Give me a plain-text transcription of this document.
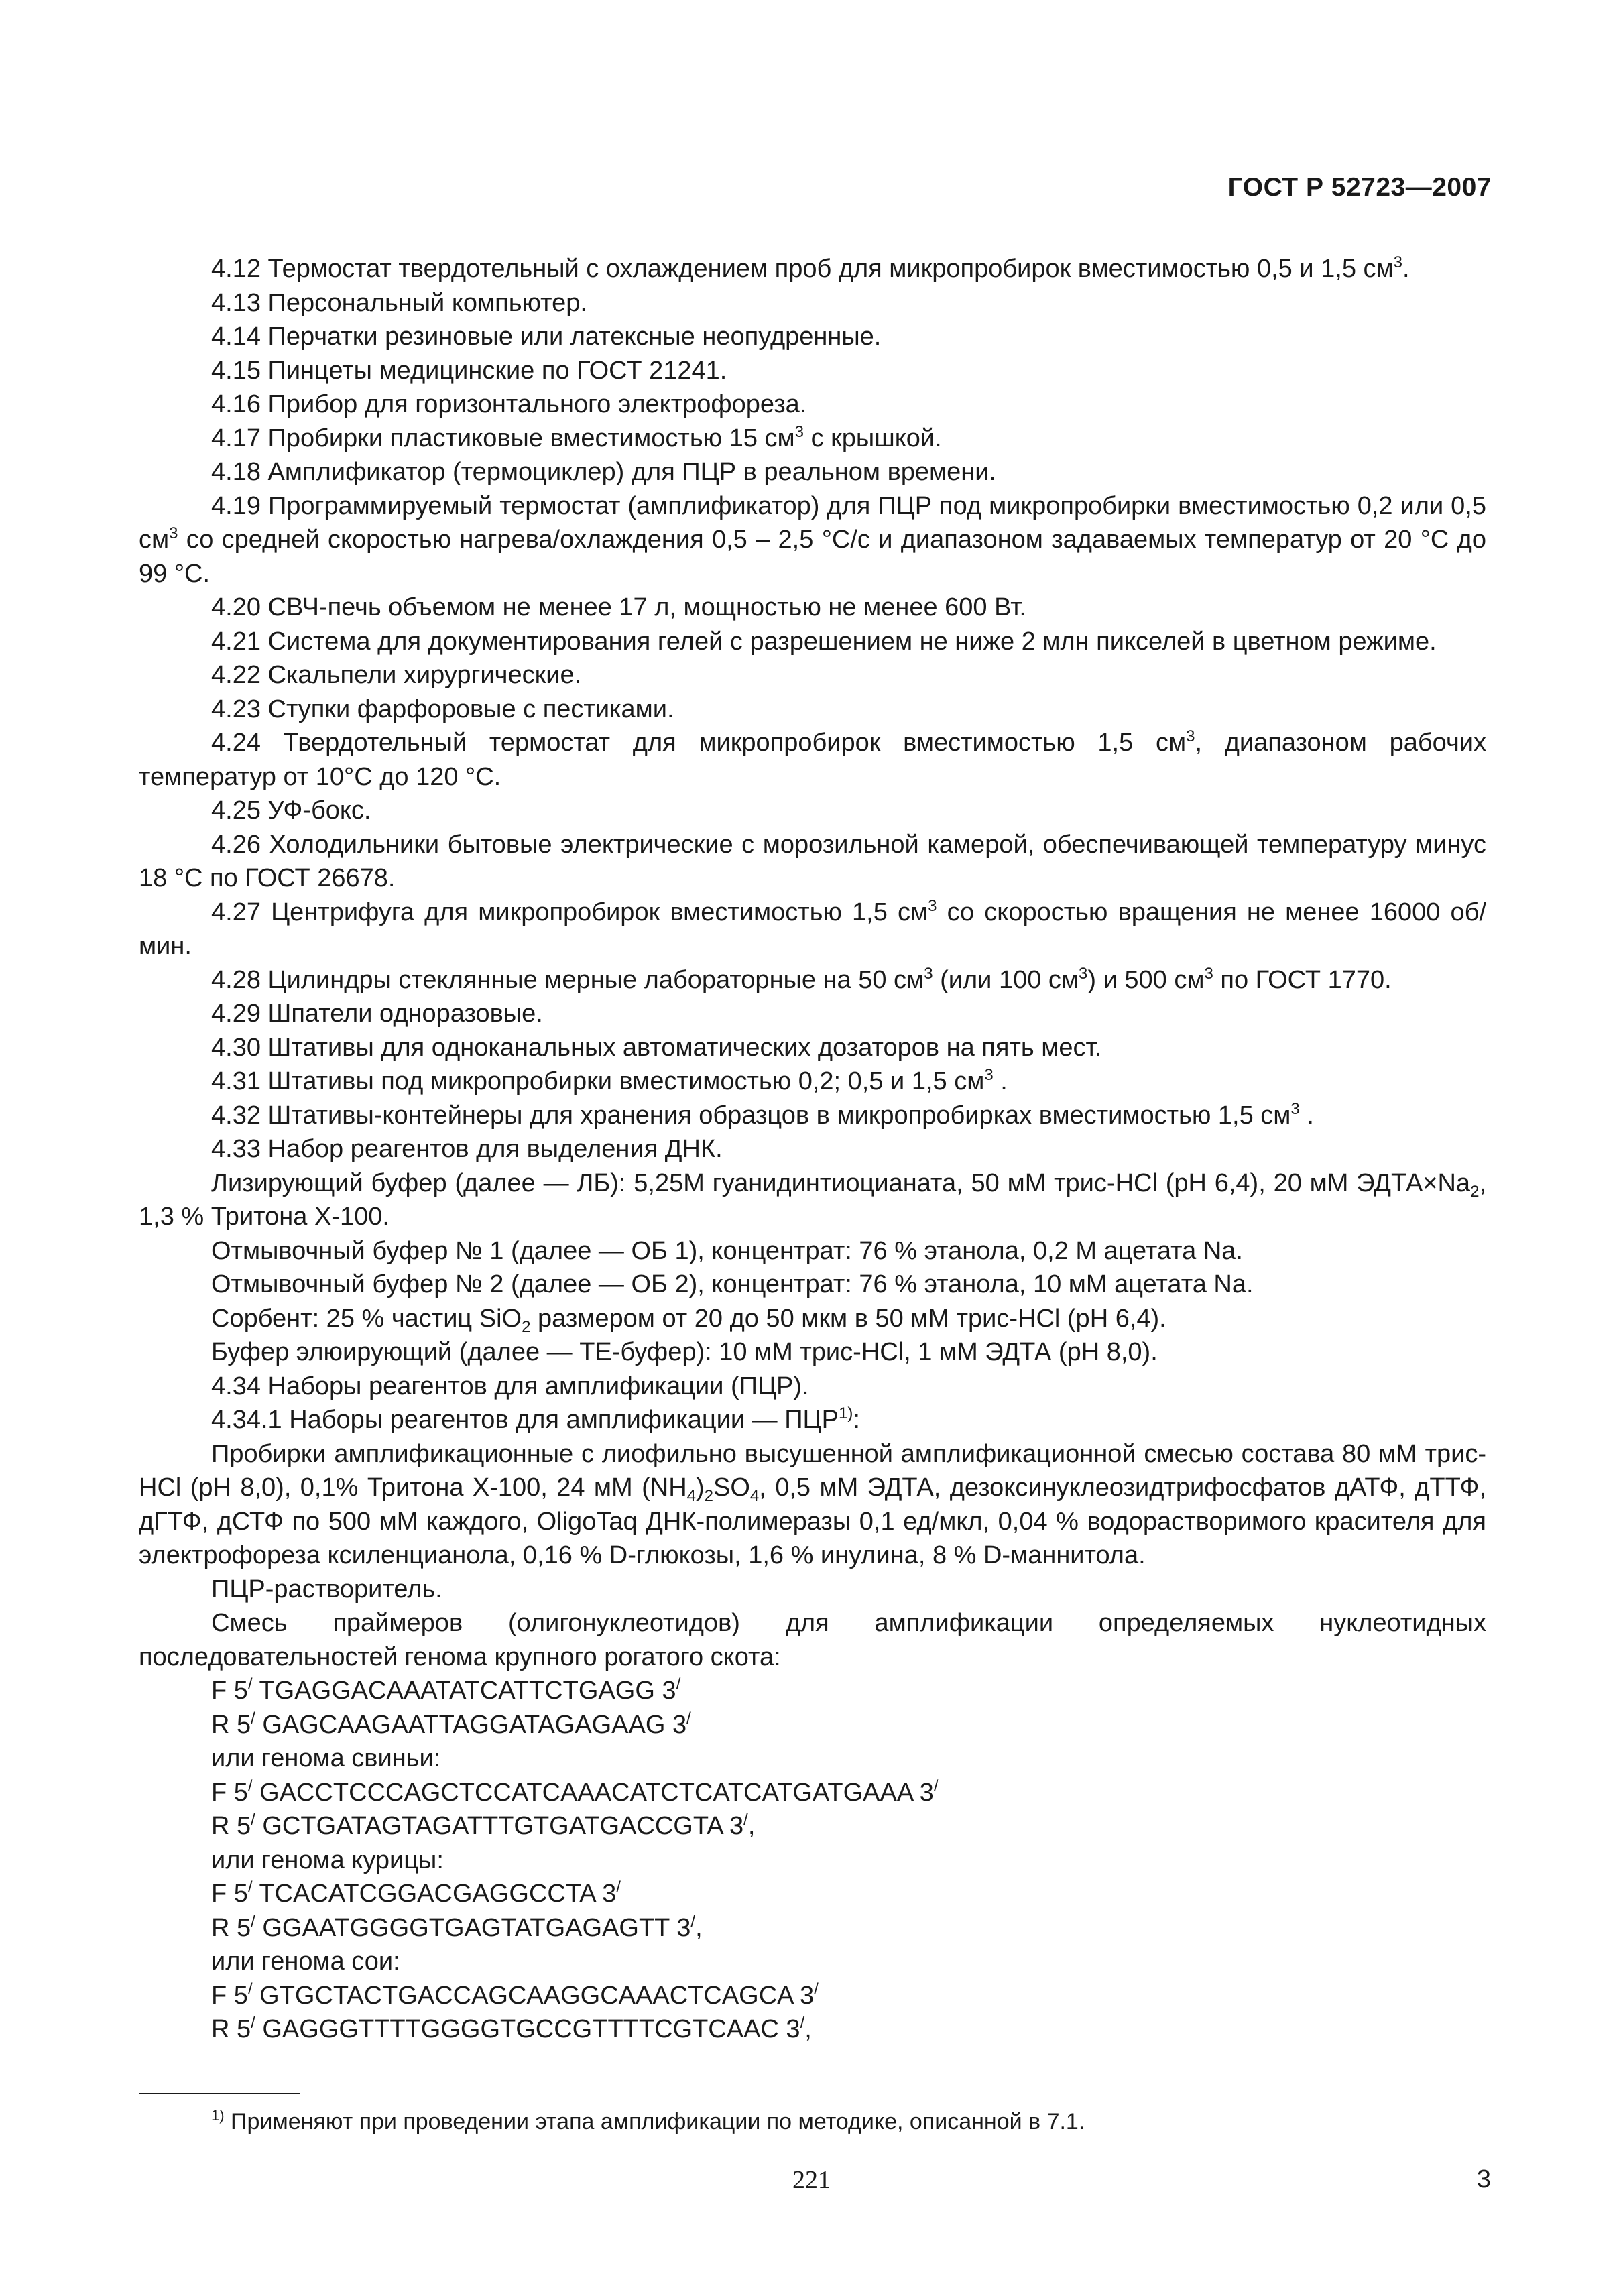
ГОСТ Р 52723—2007

4.12 Термостат твердотельный с охлаждением проб для микропробирок вместимостью 0,5 и 1,5 $см^3$.

4.13 Персональный компьютер.

4.14 Перчатки резиновые или латексные неопудренные.

4.15 Пинцеты медицинские по ГОСТ 21241.

4.16 Прибор для горизонтального электрофореза.

4.17 Пробирки пластиковые вместимостью 15 $см^3$ с крышкой.

4.18 Амплификатор (термоциклер) для ПЦР в реальном времени.

4.19 Программируемый термостат (амплификатор) для ПЦР под микропробирки вместимостью 0,2 или 0,5 $см^3$ со средней скоростью нагрева/охлаждения 0,5 – 2,5 °С/с и диапазоном задаваемых температур от 20 °С до 99 °С.

4.20 СВЧ-печь объемом не менее 17 л, мощностью не менее 600 Вт.

4.21 Система для документирования гелей с разрешением не ниже 2 млн пикселей в цветном режиме.

4.22 Скальпели хирургические.

4.23 Ступки фарфоровые с пестиками.

4.24 Твердотельный термостат для микропробирок вместимостью 1,5 $см^3$, диапазоном рабочих температур от 10°С до 120 °С.

4.25 УФ-бокс.

4.26 Холодильники бытовые электрические с морозильной камерой, обеспечивающей температуру минус 18 °С по ГОСТ 26678.

4.27 Центрифуга для микропробирок вместимостью 1,5 $см^3$ со скоростью вращения не менее 16000 об/мин.

4.28 Цилиндры стеклянные мерные лабораторные на 50 $см^3$ (или 100 $см^3$) и 500 $см^3$ по ГОСТ 1770.

4.29 Шпатели одноразовые.

4.30 Штативы для одноканальных автоматических дозаторов на пять мест.

4.31 Штативы под микропробирки вместимостью 0,2; 0,5 и 1,5 $см^3$ .

4.32 Штативы-контейнеры для хранения образцов в микропробирках вместимостью 1,5 $см^3$ .

4.33 Набор реагентов для выделения ДНК.

Лизирующий буфер (далее — ЛБ): 5,25М гуанидинтиоцианата, 50 мМ трис-HCl (pH 6,4), 20 мМ $ЭДТА\times Na_2$, 1,3 % Тритона Х-100.

Отмывочный буфер № 1 (далее — ОБ 1), концентрат: 76 % этанола, 0,2 М ацетата Na.

Отмывочный буфер № 2 (далее — ОБ 2), концентрат: 76 % этанола, 10 мМ ацетата Na.

Сорбент: 25 % частиц SiO$_2$ размером от 20 до 50 мкм в 50 мМ трис-HCl (pH 6,4).

Буфер элюирующий (далее — ТЕ-буфер): 10 мМ трис-HCl, 1 мМ ЭДТА (pH 8,0).

4.34 Наборы реагентов для амплификации (ПЦР).

4.34.1 Наборы реагентов для амплификации — ПЦР$^{1)}$:

Пробирки амплификационные с лиофильно высушенной амплификационной смесью состава 80 мМ трис-HCl (pH 8,0), 0,1% Тритона Х-100, 24 мМ $(NH_4)_2SO_4$, 0,5 мМ ЭДТА, дезоксинуклеозидтрифосфатов дАТФ, дТТФ, дГТФ, дСТФ по 500 мМ каждого, OligoTaq ДНК-полимеразы 0,1 ед/мкл, 0,04 % водорастворимого красителя для электрофореза ксиленцианола, 0,16 % D-глюкозы, 1,6 % инулина, 8 % D-маннитола.

ПЦР-растворитель.

Смесь праймеров (олигонуклеотидов) для амплификации определяемых нуклеотидных последовательностей генома крупного рогатого скота:

F 5/ TGAGGACAAATATCATTCTGAGG 3/

R 5/ GAGCAAGAATTAGGATAGAGAAG 3/

или генома свиньи:

F 5/ GACCTCCCAGCTCCATCAAACATCTCATCATGATGAAA 3/

R 5/ GCTGATAGTAGATTTGTGATGACCGTA 3/,

или генома курицы:

F 5/ TCACATCGGACGAGGCCTA 3/

R 5/ GGAATGGGGTGAGTATGAGAGTT 3/,

или генома сои:

F 5/ GTGCTACTGACCAGCAAGGCAAACTCAGCA 3/

R 5/ GAGGGTTTTGGGGTGCCGTTTTCGTCAAC 3/,

$^{1)}$ Применяют при проведении этапа амплификации по методике, описанной в 7.1.
221	3
